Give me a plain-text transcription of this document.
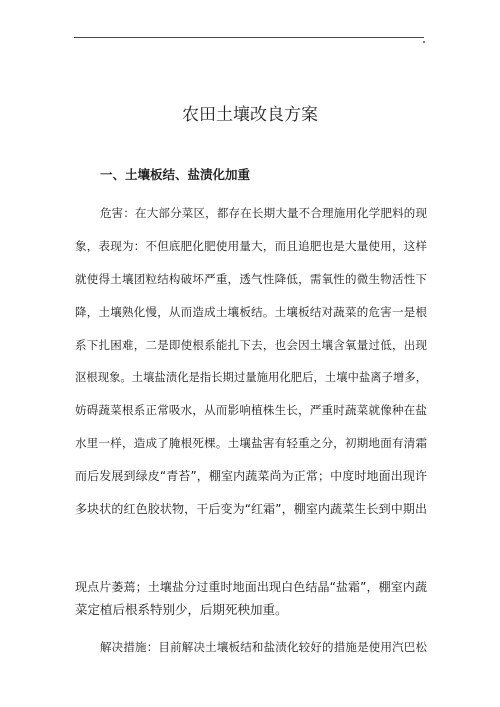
农田土壤改良方案
一、土壤板结、盐渍化加重
危害：在大部分菜区，都存在长期大量不合理施用化学肥料的现
象，表现为：不但底肥化肥使用量大，而且追肥也是大量使用，这样
就使得土壤团粒结构破坏严重，透气性降低，需氧性的微生物活性下
降，土壤熟化慢，从而造成土壤板结。土壤板结对蔬菜的危害一是根
系下扎困难，二是即使根系能扎下去，也会因土壤含氧量过低，出现
沤根现象。土壤盐渍化是指长期过量施用化肥后，土壤中盐离子增多，
妨碍蔬菜根系正常吸水，从而影响植株生长，严重时蔬菜就像种在盐
水里一样，造成了腌根死棵。土壤盐害有轻重之分，初期地面有清霜
而后发展到绿皮“青苔”，棚室内蔬菜尚为正常；中度时地面出现许
多块状的红色胶状物，干后变为“红霜”，棚室内蔬菜生长到中期出
现点片萎蔫；土壤盐分过重时地面出现白色结晶“盐霜”，棚室内蔬
菜定植后根系特别少，后期死秧加重。
解决措施：目前解决土壤板结和盐渍化较好的措施是使用汽巴松
